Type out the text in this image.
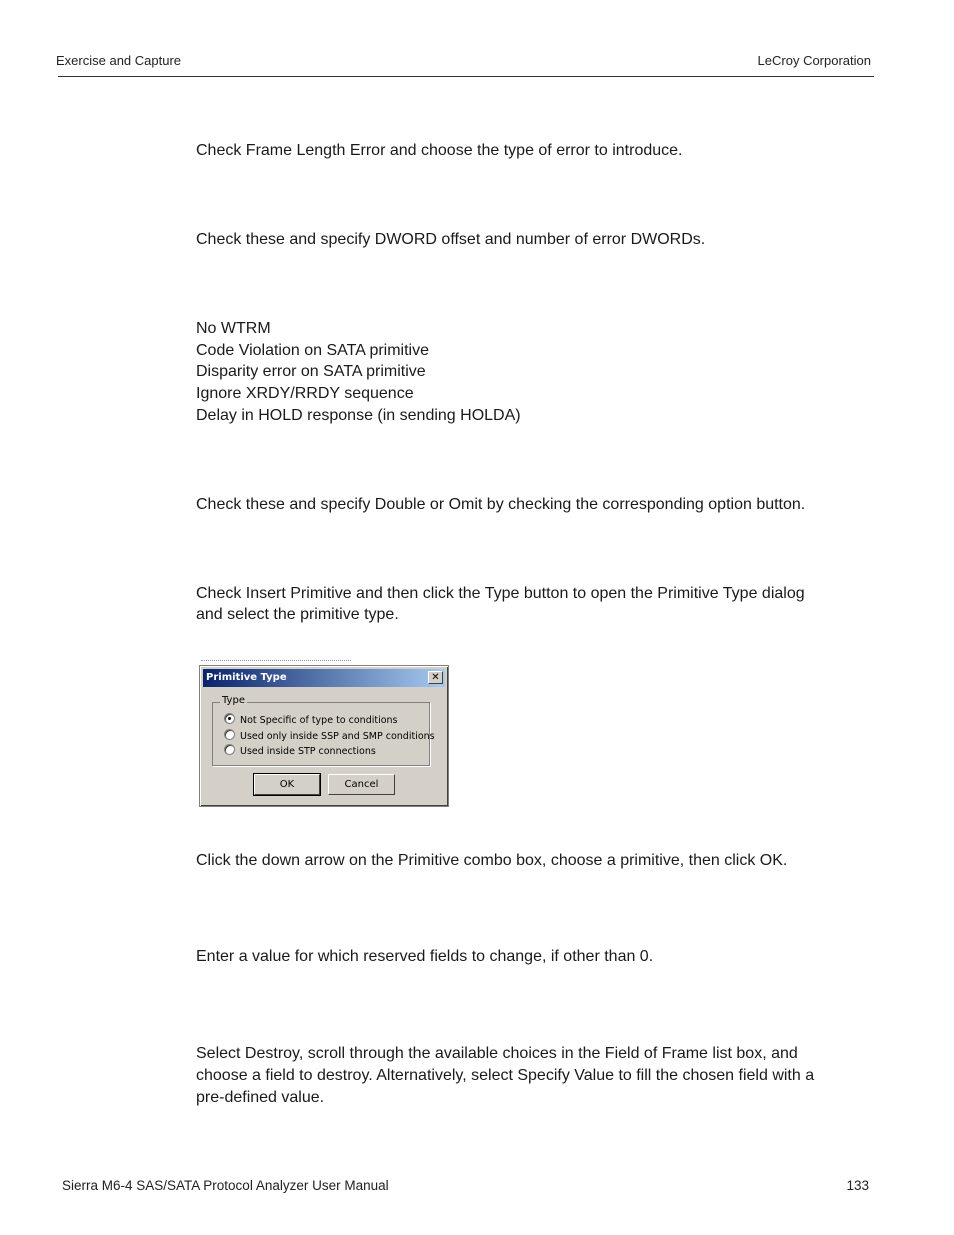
Exercise and Capture	LeCroy Corporation
Check Frame Length Error and choose the type of error to introduce.
Check these and specify DWORD offset and number of error DWORDs.
No WTRM
Code Violation on SATA primitive
Disparity error on SATA primitive
Ignore XRDY/RRDY sequence
Delay in HOLD response (in sending HOLDA)
Check these and specify Double or Omit by checking the corresponding option button.
Check Insert Primitive and then click the Type button to open the Primitive Type dialog
and select the primitive type.
Primitive Type	✕
Type
Not Specific of type to conditions
Used only inside SSP and SMP conditions
Used inside STP connections
OK	Cancel
Click the down arrow on the Primitive combo box, choose a primitive, then click OK.
Enter a value for which reserved fields to change, if other than 0.
Select Destroy, scroll through the available choices in the Field of Frame list box, and
choose a field to destroy. Alternatively, select Specify Value to fill the chosen field with a
pre-defined value.
Sierra M6-4 SAS/SATA Protocol Analyzer User Manual	133
